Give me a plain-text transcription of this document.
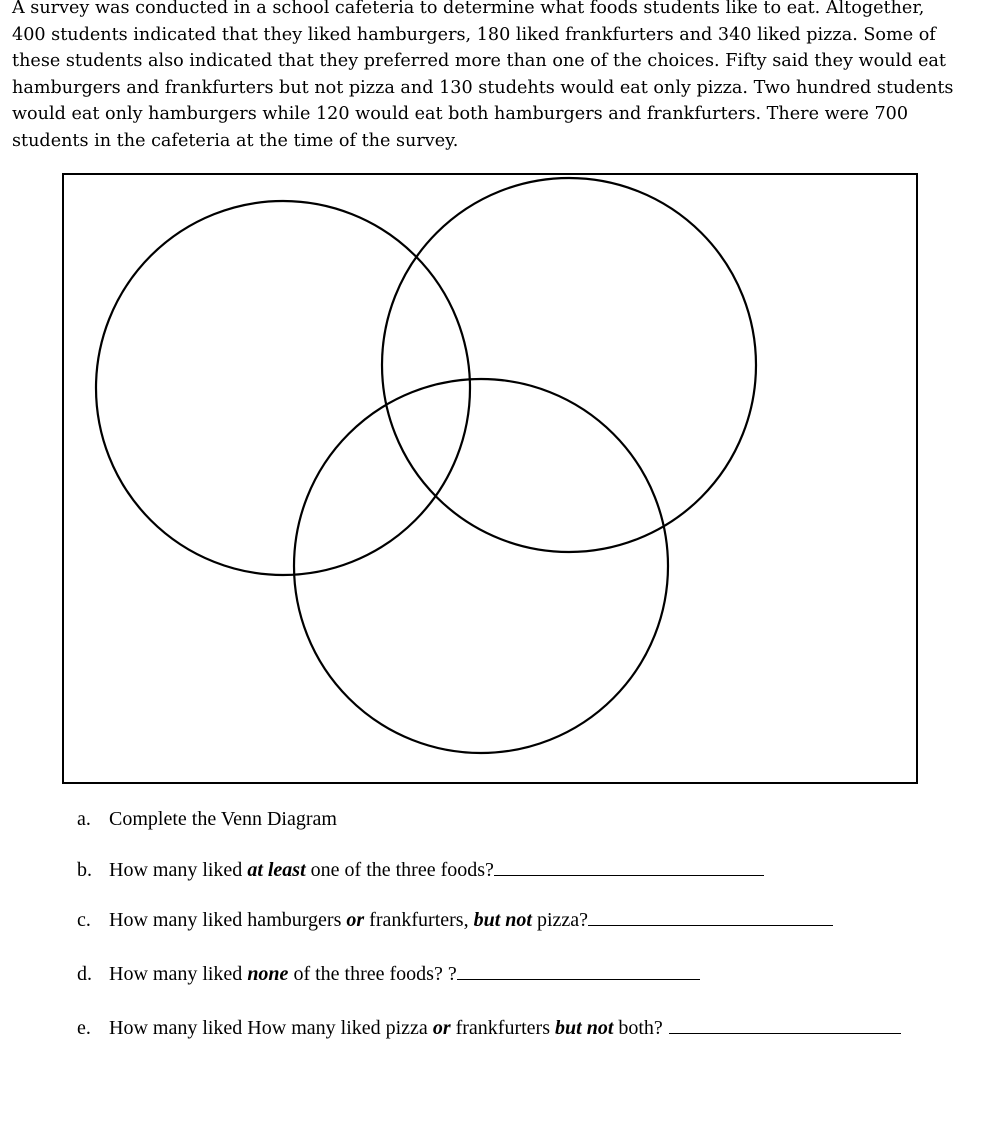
A survey was conducted in a school cafeteria to determine what foods students like to eat. Altogether,
400 students indicated that they liked hamburgers, 180 liked frankfurters and 340 liked pizza. Some of
these students also indicated that they preferred more than one of the choices. Fifty said they would eat
hamburgers and frankfurters but not pizza and 130 studehts would eat only pizza. Two hundred students
would eat only hamburgers while 120 would eat both hamburgers and frankfurters. There were 700
students in the cafeteria at the time of the survey.
a. Complete the Venn Diagram
b. How many liked at least one of the three foods?
c. How many liked hamburgers or frankfurters, but not pizza?
d. How many liked none of the three foods? ?
e. How many liked How many liked pizza or frankfurters but not both?
